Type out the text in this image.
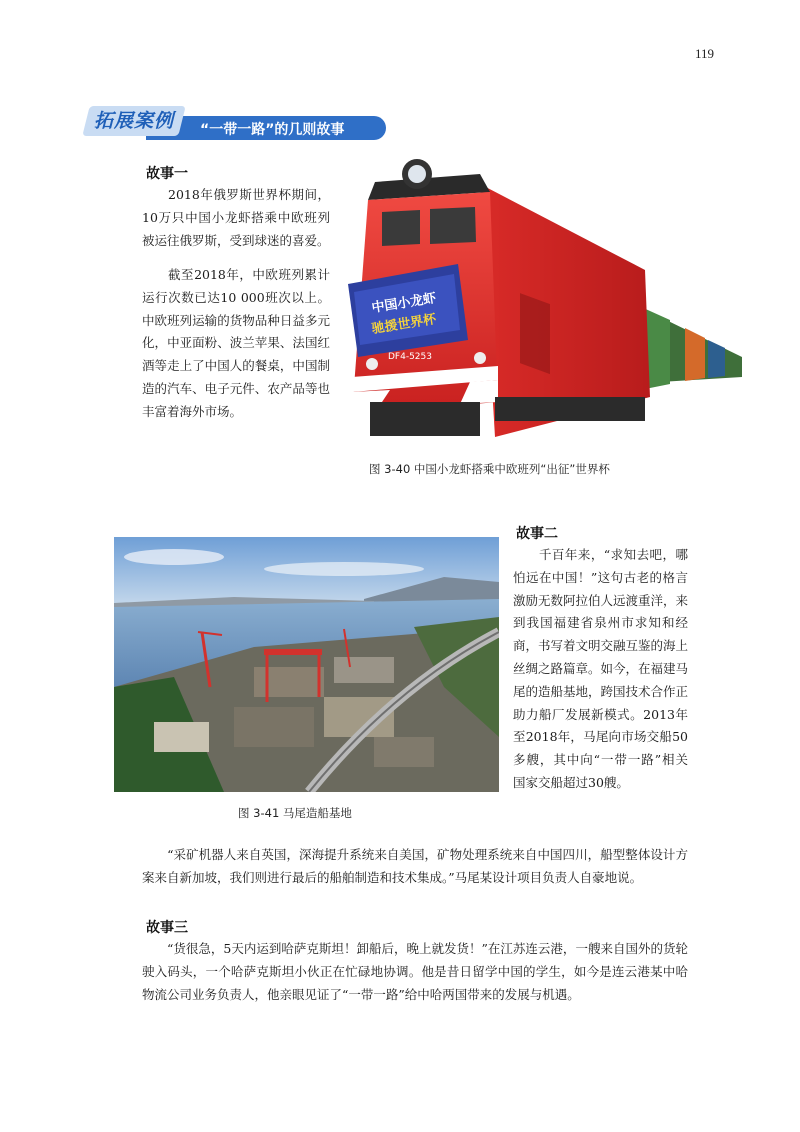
119
拓展案例 “一带一路”的几则故事
故事一

　　2018年俄罗斯世界杯期间，10万只中国小龙虾搭乘中欧班列被运往俄罗斯，受到球迷的喜爱。

　　截至2018年，中欧班列累计运行次数已达10 000班次以上。中欧班列运输的货物品种日益多元化，中亚面粉、波兰苹果、法国红酒等走上了中国人的餐桌，中国制造的汽车、电子元件、农产品等也丰富着海外市场。

中国小龙虾
驰援世界杯
DF4-5253
图 3-40 中国小龙虾搭乘中欧班列“出征”世界杯
图 3-41 马尾造船基地
故事二

　　千百年来，“求知去吧，哪怕远在中国！”这句古老的格言激励无数阿拉伯人远渡重洋，来到我国福建省泉州市求知和经商，书写着文明交融互鉴的海上丝绸之路篇章。如今，在福建马尾的造船基地，跨国技术合作正助力船厂发展新模式。2013年至2018年，马尾向市场交船50多艘，其中向“一带一路”相关国家交船超过30艘。

　　“采矿机器人来自英国，深海提升系统来自美国，矿物处理系统来自中国四川，船型整体设计方案来自新加坡，我们则进行最后的船舶制造和技术集成。”马尾某设计项目负责人自豪地说。

故事三

　　“货很急，5天内运到哈萨克斯坦！卸船后，晚上就发货！”在江苏连云港，一艘来自国外的货轮驶入码头，一个哈萨克斯坦小伙正在忙碌地协调。他是昔日留学中国的学生，如今是连云港某中哈物流公司业务负责人，他亲眼见证了“一带一路”给中哈两国带来的发展与机遇。
